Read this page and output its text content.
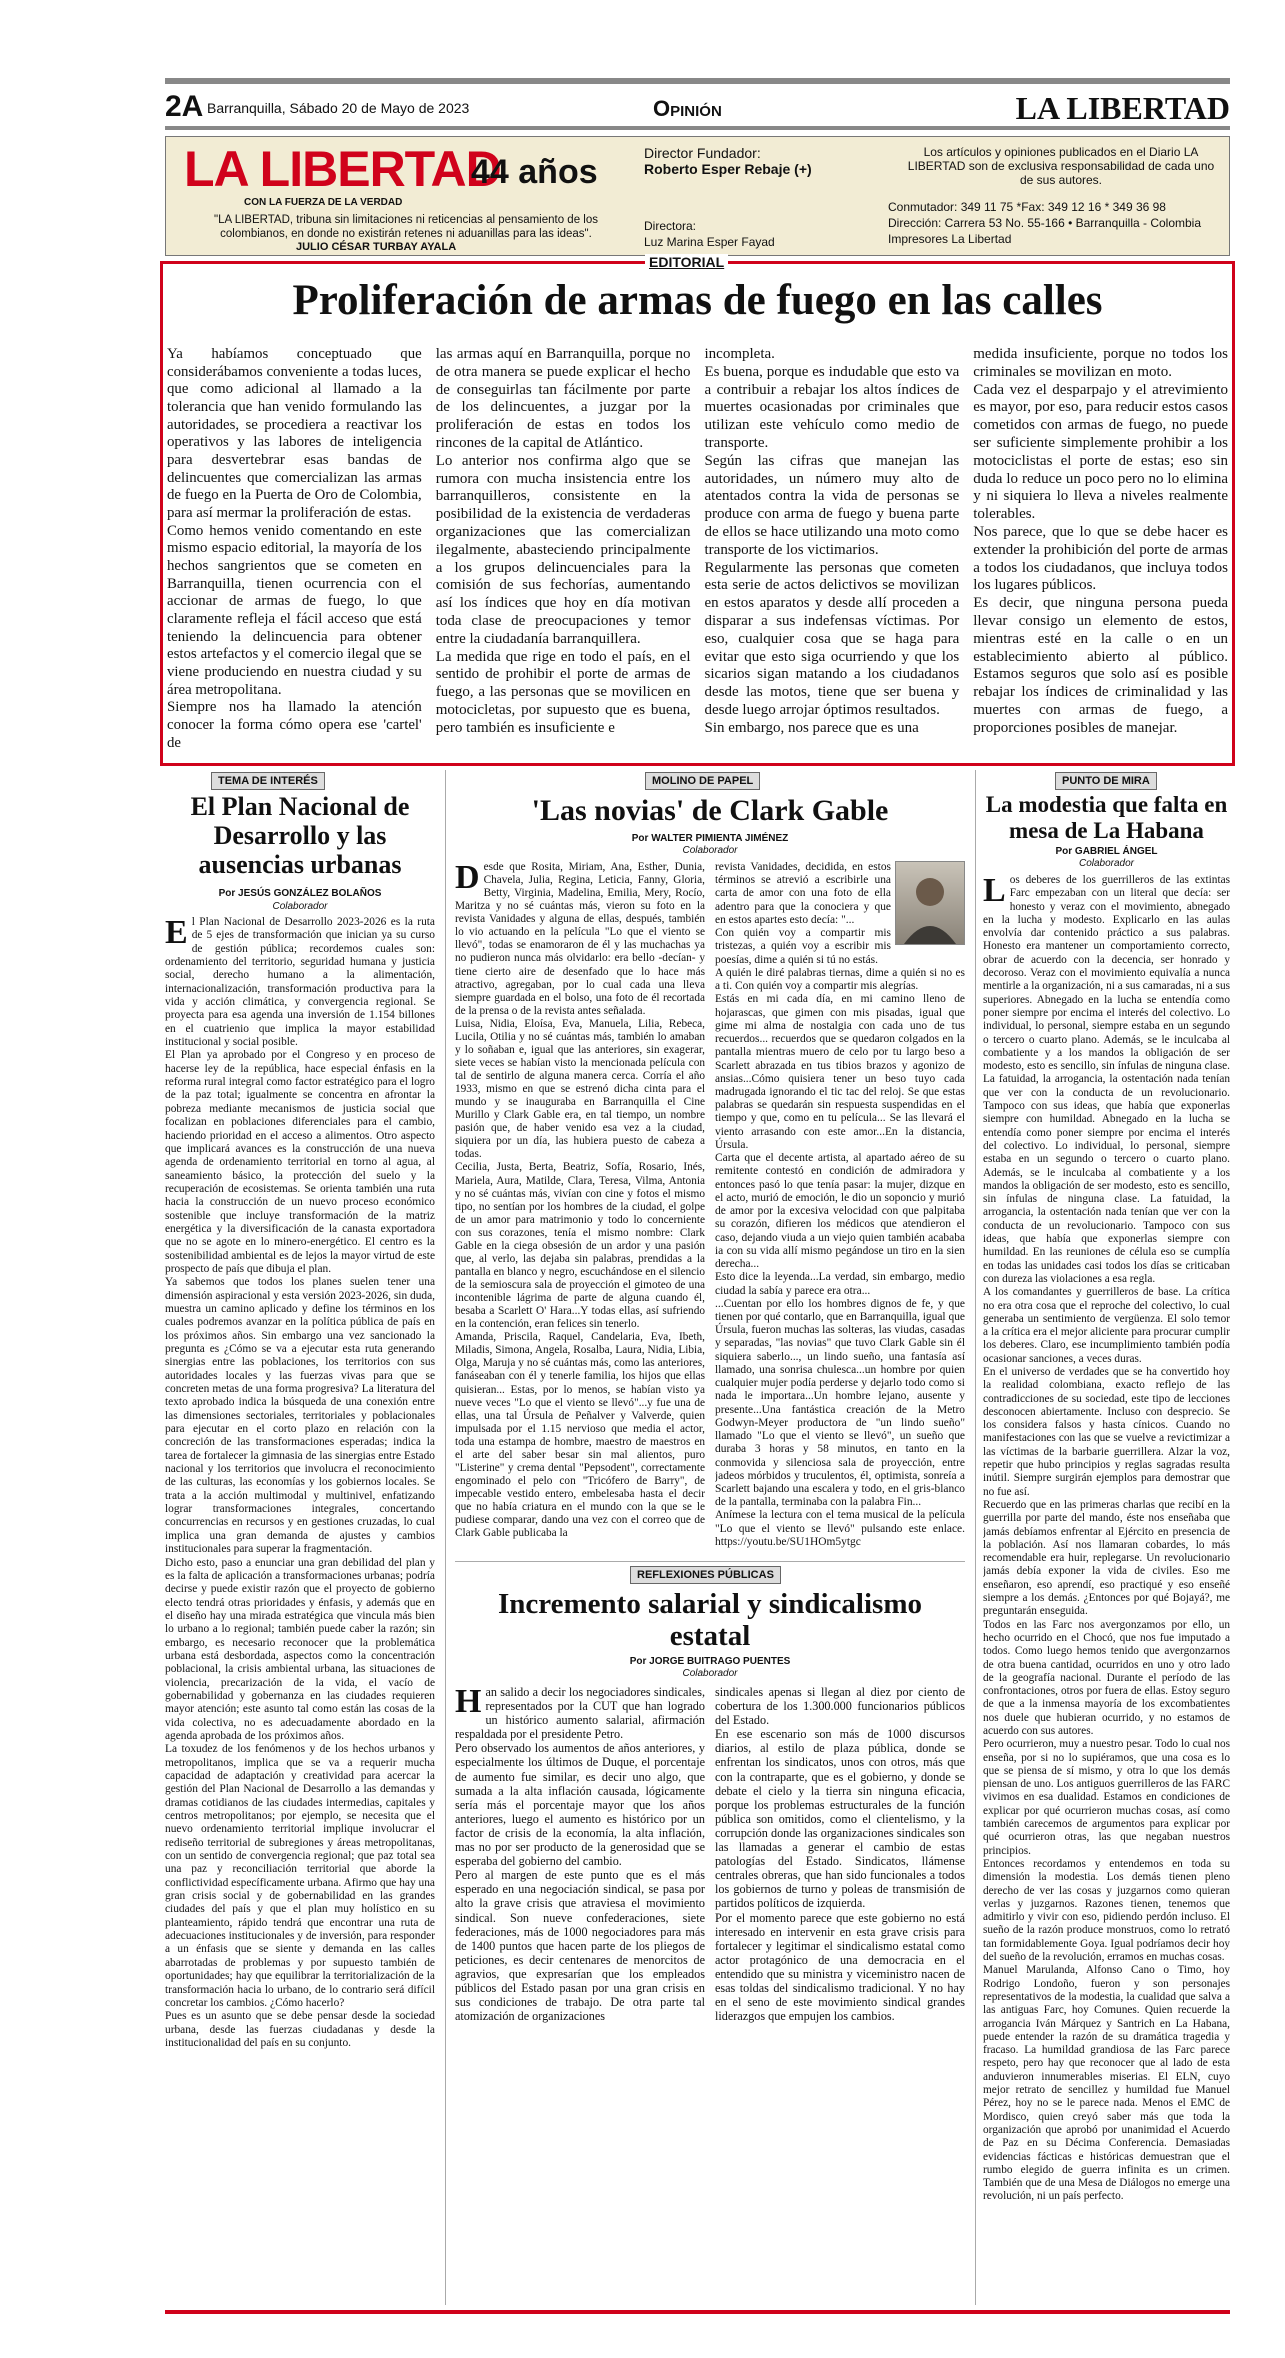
2A Barranquilla, Sábado 20 de Mayo de 2023	Opinión	LA LIBERTAD
LA LIBERTAD
44 años
CON LA FUERZA DE LA VERDAD
"LA LIBERTAD, tribuna sin limitaciones ni reticencias al pensamiento de los colombianos, en donde no existirán retenes ni aduanillas para las ideas".
JULIO CÉSAR TURBAY AYALA
Director Fundador:
Roberto Esper Rebaje (+)
Directora:
Luz Marina Esper Fayad
Los artículos y opiniones publicados en el Diario LA LIBERTAD son de exclusiva responsabilidad de cada uno de sus autores.
Conmutador: 349 11 75 *Fax: 349 12 16 * 349 36 98
Dirección: Carrera 53 No. 55-166 • Barranquilla - Colombia
Impresores La Libertad
EDITORIAL
Proliferación de armas de fuego en las calles

Ya habíamos conceptuado que considerábamos conveniente a todas luces, que como adicional al llamado a la tolerancia que han venido formulando las autoridades, se procediera a reactivar los operativos y las labores de inteligencia para desvertebrar esas bandas de delincuentes que comercializan las armas de fuego en la Puerta de Oro de Colombia, para así mermar la proliferación de estas.

Como hemos venido comentando en este mismo espacio editorial, la mayoría de los hechos sangrientos que se cometen en Barranquilla, tienen ocurrencia con el accionar de armas de fuego, lo que claramente refleja el fácil acceso que está teniendo la delincuencia para obtener estos artefactos y el comercio ilegal que se viene produciendo en nuestra ciudad y su área metropolitana.

Siempre nos ha llamado la atención conocer la forma cómo opera ese 'cartel' de

las armas aquí en Barranquilla, porque no de otra manera se puede explicar el hecho de conseguirlas tan fácilmente por parte de los delincuentes, a juzgar por la proliferación de estas en todos los rincones de la capital de Atlántico.

Lo anterior nos confirma algo que se rumora con mucha insistencia entre los barranquilleros, consistente en la posibilidad de la existencia de verdaderas organizaciones que las comercializan ilegalmente, abasteciendo principalmente a los grupos delincuenciales para la comisión de sus fechorías, aumentando así los índices que hoy en día motivan toda clase de preocupaciones y temor entre la ciudadanía barranquillera.

La medida que rige en todo el país, en el sentido de prohibir el porte de armas de fuego, a las personas que se movilicen en motocicletas, por supuesto que es buena, pero también es insuficiente e

incompleta.

Es buena, porque es indudable que esto va a contribuir a rebajar los altos índices de muertes ocasionadas por criminales que utilizan este vehículo como medio de transporte.

Según las cifras que manejan las autoridades, un número muy alto de atentados contra la vida de personas se produce con arma de fuego y buena parte de ellos se hace utilizando una moto como transporte de los victimarios.

Regularmente las personas que cometen esta serie de actos delictivos se movilizan en estos aparatos y desde allí proceden a disparar a sus indefensas víctimas. Por eso, cualquier cosa que se haga para evitar que esto siga ocurriendo y que los sicarios sigan matando a los ciudadanos desde las motos, tiene que ser buena y desde luego arrojar óptimos resultados.

Sin embargo, nos parece que es una

medida insuficiente, porque no todos los criminales se movilizan en moto.

Cada vez el desparpajo y el atrevimiento es mayor, por eso, para reducir estos casos cometidos con armas de fuego, no puede ser suficiente simplemente prohibir a los motociclistas el porte de estas; eso sin duda lo reduce un poco pero no lo elimina y ni siquiera lo lleva a niveles realmente tolerables.

Nos parece, que lo que se debe hacer es extender la prohibición del porte de armas a todos los ciudadanos, que incluya todos los lugares públicos.

Es decir, que ninguna persona pueda llevar consigo un elemento de estos, mientras esté en la calle o en un establecimiento abierto al público. Estamos seguros que solo así es posible rebajar los índices de criminalidad y las muertes con armas de fuego, a proporciones posibles de manejar.

TEMA DE INTERÉS
El Plan Nacional de Desarrollo y las ausencias urbanas
Por JESÚS GONZÁLEZ BOLAÑOS
Colaborador

El Plan Nacional de Desarrollo 2023-2026 es la ruta de 5 ejes de transformación que inician ya su curso de gestión pública; recordemos cuales son: ordenamiento del territorio, seguridad humana y justicia social, derecho humano a la alimentación, internacionalización, transformación productiva para la vida y acción climática, y convergencia regional. Se proyecta para esa agenda una inversión de 1.154 billones en el cuatrienio que implica la mayor estabilidad institucional y social posible.

El Plan ya aprobado por el Congreso y en proceso de hacerse ley de la república, hace especial énfasis en la reforma rural integral como factor estratégico para el logro de la paz total; igualmente se concentra en afrontar la pobreza mediante mecanismos de justicia social que focalizan en poblaciones diferenciales para el cambio, haciendo prioridad en el acceso a alimentos. Otro aspecto que implicará avances es la construcción de una nueva agenda de ordenamiento territorial en torno al agua, al saneamiento básico, la protección del suelo y la recuperación de ecosistemas. Se orienta también una ruta hacia la construcción de un nuevo proceso económico sostenible que incluye transformación de la matriz energética y la diversificación de la canasta exportadora que no se agote en lo minero-energético. El centro es la sostenibilidad ambiental es de lejos la mayor virtud de este prospecto de país que dibuja el plan.

Ya sabemos que todos los planes suelen tener una dimensión aspiracional y esta versión 2023-2026, sin duda, muestra un camino aplicado y define los términos en los cuales podremos avanzar en la política pública de país en los próximos años. Sin embargo una vez sancionado la pregunta es ¿Cómo se va a ejecutar esta ruta generando sinergias entre las poblaciones, los territorios con sus autoridades locales y las fuerzas vivas para que se concreten metas de una forma progresiva? La literatura del texto aprobado indica la búsqueda de una conexión entre las dimensiones sectoriales, territoriales y poblacionales para ejecutar en el corto plazo en relación con la concreción de las transformaciones esperadas; indica la tarea de fortalecer la gimnasia de las sinergias entre Estado nacional y los territorios que involucra el reconocimiento de las culturas, las economías y los gobiernos locales. Se trata a la acción multimodal y multinivel, enfatizando lograr transformaciones integrales, concertando concurrencias en recursos y en gestiones cruzadas, lo cual implica una gran demanda de ajustes y cambios institucionales para superar la fragmentación.

Dicho esto, paso a enunciar una gran debilidad del plan y es la falta de aplicación a transformaciones urbanas; podría decirse y puede existir razón que el proyecto de gobierno electo tendrá otras prioridades y énfasis, y además que en el diseño hay una mirada estratégica que vincula más bien lo urbano a lo regional; también puede caber la razón; sin embargo, es necesario reconocer que la problemática urbana está desbordada, aspectos como la concentración poblacional, la crisis ambiental urbana, las situaciones de violencia, precarización de la vida, el vacío de gobernabilidad y gobernanza en las ciudades requieren mayor atención; este asunto tal como están las cosas de la vida colectiva, no es adecuadamente abordado en la agenda aprobada de los próximos años.

La toxudez de los fenómenos y de los hechos urbanos y metropolitanos, implica que se va a requerir mucha capacidad de adaptación y creatividad para acercar la gestión del Plan Nacional de Desarrollo a las demandas y dramas cotidianos de las ciudades intermedias, capitales y centros metropolitanos; por ejemplo, se necesita que el nuevo ordenamiento territorial implique involucrar el rediseño territorial de subregiones y áreas metropolitanas, con un sentido de convergencia regional; que paz total sea una paz y reconciliación territorial que aborde la conflictividad específicamente urbana. Afirmo que hay una gran crisis social y de gobernabilidad en las grandes ciudades del país y que el plan muy holístico en su planteamiento, rápido tendrá que encontrar una ruta de adecuaciones institucionales y de inversión, para responder a un énfasis que se siente y demanda en las calles abarrotadas de problemas y por supuesto también de oportunidades; hay que equilibrar la territorialización de la transformación hacia lo urbano, de lo contrario será difícil concretar los cambios. ¿Cómo hacerlo?

Pues es un asunto que se debe pensar desde la sociedad urbana, desde las fuerzas ciudadanas y desde la institucionalidad del país en su conjunto.

MOLINO DE PAPEL
'Las novias' de Clark Gable
Por WALTER PIMIENTA JIMÉNEZ
Colaborador

Desde que Rosita, Miriam, Ana, Esther, Dunia, Chavela, Julia, Regina, Leticia, Fanny, Gloria, Betty, Virginia, Madelina, Emilia, Mery, Rocío, Maritza y no sé cuántas más, vieron su foto en la revista Vanidades y alguna de ellas, después, también lo vio actuando en la película "Lo que el viento se llevó", todas se enamoraron de él y las muchachas ya no pudieron nunca más olvidarlo: era bello -decían- y tiene cierto aire de desenfado que lo hace más atractivo, agregaban, por lo cual cada una lleva siempre guardada en el bolso, una foto de él recortada de la prensa o de la revista antes señalada.

Luisa, Nidia, Eloísa, Eva, Manuela, Lilia, Rebeca, Lucila, Otilia y no sé cuántas más, también lo amaban y lo soñaban e, igual que las anteriores, sin exagerar, siete veces se habían visto la mencionada película con tal de sentirlo de alguna manera cerca. Corría el año 1933, mismo en que se estrenó dicha cinta para el mundo y se inauguraba en Barranquilla el Cine Murillo y Clark Gable era, en tal tiempo, un nombre pasión que, de haber venido esa vez a la ciudad, siquiera por un día, las hubiera puesto de cabeza a todas.

Cecilia, Justa, Berta, Beatriz, Sofía, Rosario, Inés, Mariela, Aura, Matilde, Clara, Teresa, Vilma, Antonia y no sé cuántas más, vivían con cine y fotos el mismo tipo, no sentían por los hombres de la ciudad, el golpe de un amor para matrimonio y todo lo concerniente con sus corazones, tenía el mismo nombre: Clark Gable en la ciega obsesión de un ardor y una pasión que, al verlo, las dejaba sin palabras, prendidas a la pantalla en blanco y negro, escuchándose en el silencio de la semioscura sala de proyección el gimoteo de una incontenible lágrima de parte de alguna cuando él, besaba a Scarlett O' Hara...Y todas ellas, así sufriendo en la contención, eran felices sin tenerlo.

Amanda, Priscila, Raquel, Candelaria, Eva, Ibeth, Miladis, Simona, Angela, Rosalba, Laura, Nidia, Libia, Olga, Maruja y no sé cuántas más, como las anteriores, fanáseaban con él y tenerle familia, los hijos que ellas quisieran... Estas, por lo menos, se habían visto ya nueve veces "Lo que el viento se llevó"...y fue una de ellas, una tal Úrsula de Peñalver y Valverde, quien impulsada por el 1.15 nervioso que media el actor, toda una estampa de hombre, maestro de maestros en el arte del saber besar sin mal alientos, puro "Listerine" y crema dental "Pepsodent", correctamente engominado el pelo con "Tricófero de Barry", de impecable vestido entero, embelesaba hasta el decir que no había criatura en el mundo con la que se le pudiese comparar, dando una vez con el correo que de Clark Gable publicaba la

revista Vanidades, decidida, en estos términos se atrevió a escribirle una carta de amor con una foto de ella adentro para que la conociera y que en estos apartes esto decía: "...

Con quién voy a compartir mis tristezas, a quién voy a escribir mis poesías, dime a quién si tú no estás.

A quién le diré palabras tiernas, dime a quién si no es a ti. Con quién voy a compartir mis alegrías.

Estás en mi cada día, en mi camino lleno de hojarascas, que gimen con mis pisadas, igual que gime mi alma de nostalgia con cada uno de tus recuerdos... recuerdos que se quedaron colgados en la pantalla mientras muero de celo por tu largo beso a Scarlett abrazada en tus tibios brazos y agonizo de ansias...Cómo quisiera tener un beso tuyo cada madrugada ignorando el tic tac del reloj. Se que estas palabras se quedarán sin respuesta suspendidas en el tiempo y que, como en tu película... Se las llevará el viento arrasando con este amor...En la distancia, Úrsula.

Carta que el decente artista, al apartado aéreo de su remitente contestó en condición de admiradora y entonces pasó lo que tenía pasar: la mujer, dizque en el acto, murió de emoción, le dio un soponcio y murió de amor por la excesiva velocidad con que palpitaba su corazón, difieren los médicos que atendieron el caso, dejando viuda a un viejo quien también acababa ia con su vida allí mismo pegándose un tiro en la sien derecha...

Esto dice la leyenda...La verdad, sin embargo, medio ciudad la sabía y parece era otra...

...Cuentan por ello los hombres dignos de fe, y que tienen por qué contarlo, que en Barranquilla, igual que Úrsula, fueron muchas las solteras, las viudas, casadas y separadas, "las novias" que tuvo Clark Gable sin él siquiera saberlo..., un lindo sueño, una fantasía así llamado, una sonrisa chulesca...un hombre por quien cualquier mujer podía perderse y dejarlo todo como si nada le importara...Un hombre lejano, ausente y presente...Una fantástica creación de la Metro Godwyn-Meyer productora de "un lindo sueño" llamado "Lo que el viento se llevó", un sueño que duraba 3 horas y 58 minutos, en tanto en la conmovida y silenciosa sala de proyección, entre jadeos mórbidos y truculentos, él, optimista, sonreía a Scarlett bajando una escalera y todo, en el gris-blanco de la pantalla, terminaba con la palabra Fin...

Anímese la lectura con el tema musical de la película "Lo que el viento se llevó" pulsando este enlace. https://youtu.be/SU1HOm5ytgc

REFLEXIONES PÚBLICAS
Incremento salarial y sindicalismo estatal
Por JORGE BUITRAGO PUENTES
Colaborador

Han salido a decir los negociadores sindicales, representados por la CUT que han logrado un histórico aumento salarial, afirmación respaldada por el presidente Petro.

Pero observado los aumentos de años anteriores, y especialmente los últimos de Duque, el porcentaje de aumento fue similar, es decir uno algo, que sumada a la alta inflación causada, lógicamente sería más el porcentaje mayor que los años anteriores, luego el aumento es histórico por un factor de crisis de la economía, la alta inflación, mas no por ser producto de la generosidad que se esperaba del gobierno del cambio.

Pero al margen de este punto que es el más esperado en una negociación sindical, se pasa por alto la grave crisis que atraviesa el movimiento sindical. Son nueve confederaciones, siete federaciones, más de 1000 negociadores para más de 1400 puntos que hacen parte de los pliegos de peticiones, es decir centenares de menorcitos de agravios, que expresarían que los empleados públicos del Estado pasan por una gran crisis en sus condiciones de trabajo. De otra parte tal atomización de organizaciones

sindicales apenas si llegan al diez por ciento de cobertura de los 1.300.000 funcionarios públicos del Estado.

En ese escenario son más de 1000 discursos diarios, al estilo de plaza pública, donde se enfrentan los sindicatos, unos con otros, más que con la contraparte, que es el gobierno, y donde se debate el cielo y la tierra sin ninguna eficacia, porque los problemas estructurales de la función pública son omitidos, como el clientelismo, y la corrupción donde las organizaciones sindicales son las llamadas a generar el cambio de estas patologías del Estado. Sindicatos, llámense centrales obreras, que han sido funcionales a todos los gobiernos de turno y poleas de transmisión de partidos políticos de izquierda.

Por el momento parece que este gobierno no está interesado en intervenir en esta grave crisis para fortalecer y legitimar el sindicalismo estatal como actor protagónico de una democracia en el entendido que su ministra y viceministro nacen de esas toldas del sindicalismo tradicional. Y no hay en el seno de este movimiento sindical grandes liderazgos que empujen los cambios.

PUNTO DE MIRA
La modestia que falta en mesa de La Habana
Por GABRIEL ÁNGEL
Colaborador

Los deberes de los guerrilleros de las extintas Farc empezaban con un literal que decía: ser honesto y veraz con el movimiento, abnegado en la lucha y modesto. Explicarlo en las aulas envolvía dar contenido práctico a sus palabras. Honesto era mantener un comportamiento correcto, obrar de acuerdo con la decencia, ser honrado y decoroso. Veraz con el movimiento equivalía a nunca mentirle a la organización, ni a sus camaradas, ni a sus superiores. Abnegado en la lucha se entendía como poner siempre por encima el interés del colectivo. Lo individual, lo personal, siempre estaba en un segundo o tercero o cuarto plano. Además, se le inculcaba al combatiente y a los mandos la obligación de ser modesto, esto es sencillo, sin ínfulas de ninguna clase. La fatuidad, la arrogancia, la ostentación nada tenían que ver con la conducta de un revolucionario. Tampoco con sus ideas, que había que exponerlas siempre con humildad. Abnegado en la lucha se entendía como poner siempre por encima el interés del colectivo. Lo individual, lo personal, siempre estaba en un segundo o tercero o cuarto plano. Además, se le inculcaba al combatiente y a los mandos la obligación de ser modesto, esto es sencillo, sin ínfulas de ninguna clase. La fatuidad, la arrogancia, la ostentación nada tenían que ver con la conducta de un revolucionario. Tampoco con sus ideas, que había que exponerlas siempre con humildad. En las reuniones de célula eso se cumplía en todas las unidades casi todos los días se criticaban con dureza las violaciones a esa regla.

A los comandantes y guerrilleros de base. La crítica no era otra cosa que el reproche del colectivo, lo cual generaba un sentimiento de vergüenza. El solo temor a la crítica era el mejor aliciente para procurar cumplir los deberes. Claro, ese incumplimiento también podía ocasionar sanciones, a veces duras.

En el universo de verdades que se ha convertido hoy la realidad colombiana, exacto reflejo de las contradicciones de su sociedad, este tipo de lecciones desconocen abiertamente. Incluso con desprecio. Se los considera falsos y hasta cínicos. Cuando no manifestaciones con las que se vuelve a revictimizar a las víctimas de la barbarie guerrillera. Alzar la voz, repetir que hubo principios y reglas sagradas resulta inútil. Siempre surgirán ejemplos para demostrar que no fue así.

Recuerdo que en las primeras charlas que recibí en la guerrilla por parte del mando, éste nos enseñaba que jamás debíamos enfrentar al Ejército en presencia de la población. Así nos llamaran cobardes, lo más recomendable era huir, replegarse. Un revolucionario jamás debía exponer la vida de civiles. Eso me enseñaron, eso aprendí, eso practiqué y eso enseñé siempre a los demás. ¿Entonces por qué Bojayá?, me preguntarán enseguida.

Todos en las Farc nos avergonzamos por ello, un hecho ocurrido en el Chocó, que nos fue imputado a todos. Como luego hemos tenido que avergonzarnos de otra buena cantidad, ocurridos en uno y otro lado de la geografía nacional. Durante el período de las confrontaciones, otros por fuera de ellas. Estoy seguro de que a la inmensa mayoría de los excombatientes nos duele que hubieran ocurrido, y no estamos de acuerdo con sus autores.

Pero ocurrieron, muy a nuestro pesar. Todo lo cual nos enseña, por si no lo supiéramos, que una cosa es lo que se piensa de sí mismo, y otra lo que los demás piensan de uno. Los antiguos guerrilleros de las FARC vivimos en esa dualidad. Estamos en condiciones de explicar por qué ocurrieron muchas cosas, así como también carecemos de argumentos para explicar por qué ocurrieron otras, las que negaban nuestros principios.

Entonces recordamos y entendemos en toda su dimensión la modestia. Los demás tienen pleno derecho de ver las cosas y juzgarnos como quieran verlas y juzgarnos. Razones tienen, tenemos que admitirlo y vivir con eso, pidiendo perdón incluso. El sueño de la razón produce monstruos, como lo retrató tan formidablemente Goya. Igual podríamos decir hoy del sueño de la revolución, erramos en muchas cosas.

Manuel Marulanda, Alfonso Cano o Timo, hoy Rodrigo Londoño, fueron y son personajes representativos de la modestia, la cualidad que salva a las antiguas Farc, hoy Comunes. Quien recuerde la arrogancia Iván Márquez y Santrich en La Habana, puede entender la razón de su dramática tragedia y fracaso. La humildad grandiosa de las Farc parece respeto, pero hay que reconocer que al lado de esta anduvieron innumerables miserias. El ELN, cuyo mejor retrato de sencillez y humildad fue Manuel Pérez, hoy no se le parece nada. Menos el EMC de Mordisco, quien creyó saber más que toda la organización que aprobó por unanimidad el Acuerdo de Paz en su Décima Conferencia. Demasiadas evidencias fácticas e históricas demuestran que el rumbo elegido de guerra infinita es un crimen. También que de una Mesa de Diálogos no emerge una revolución, ni un país perfecto.
